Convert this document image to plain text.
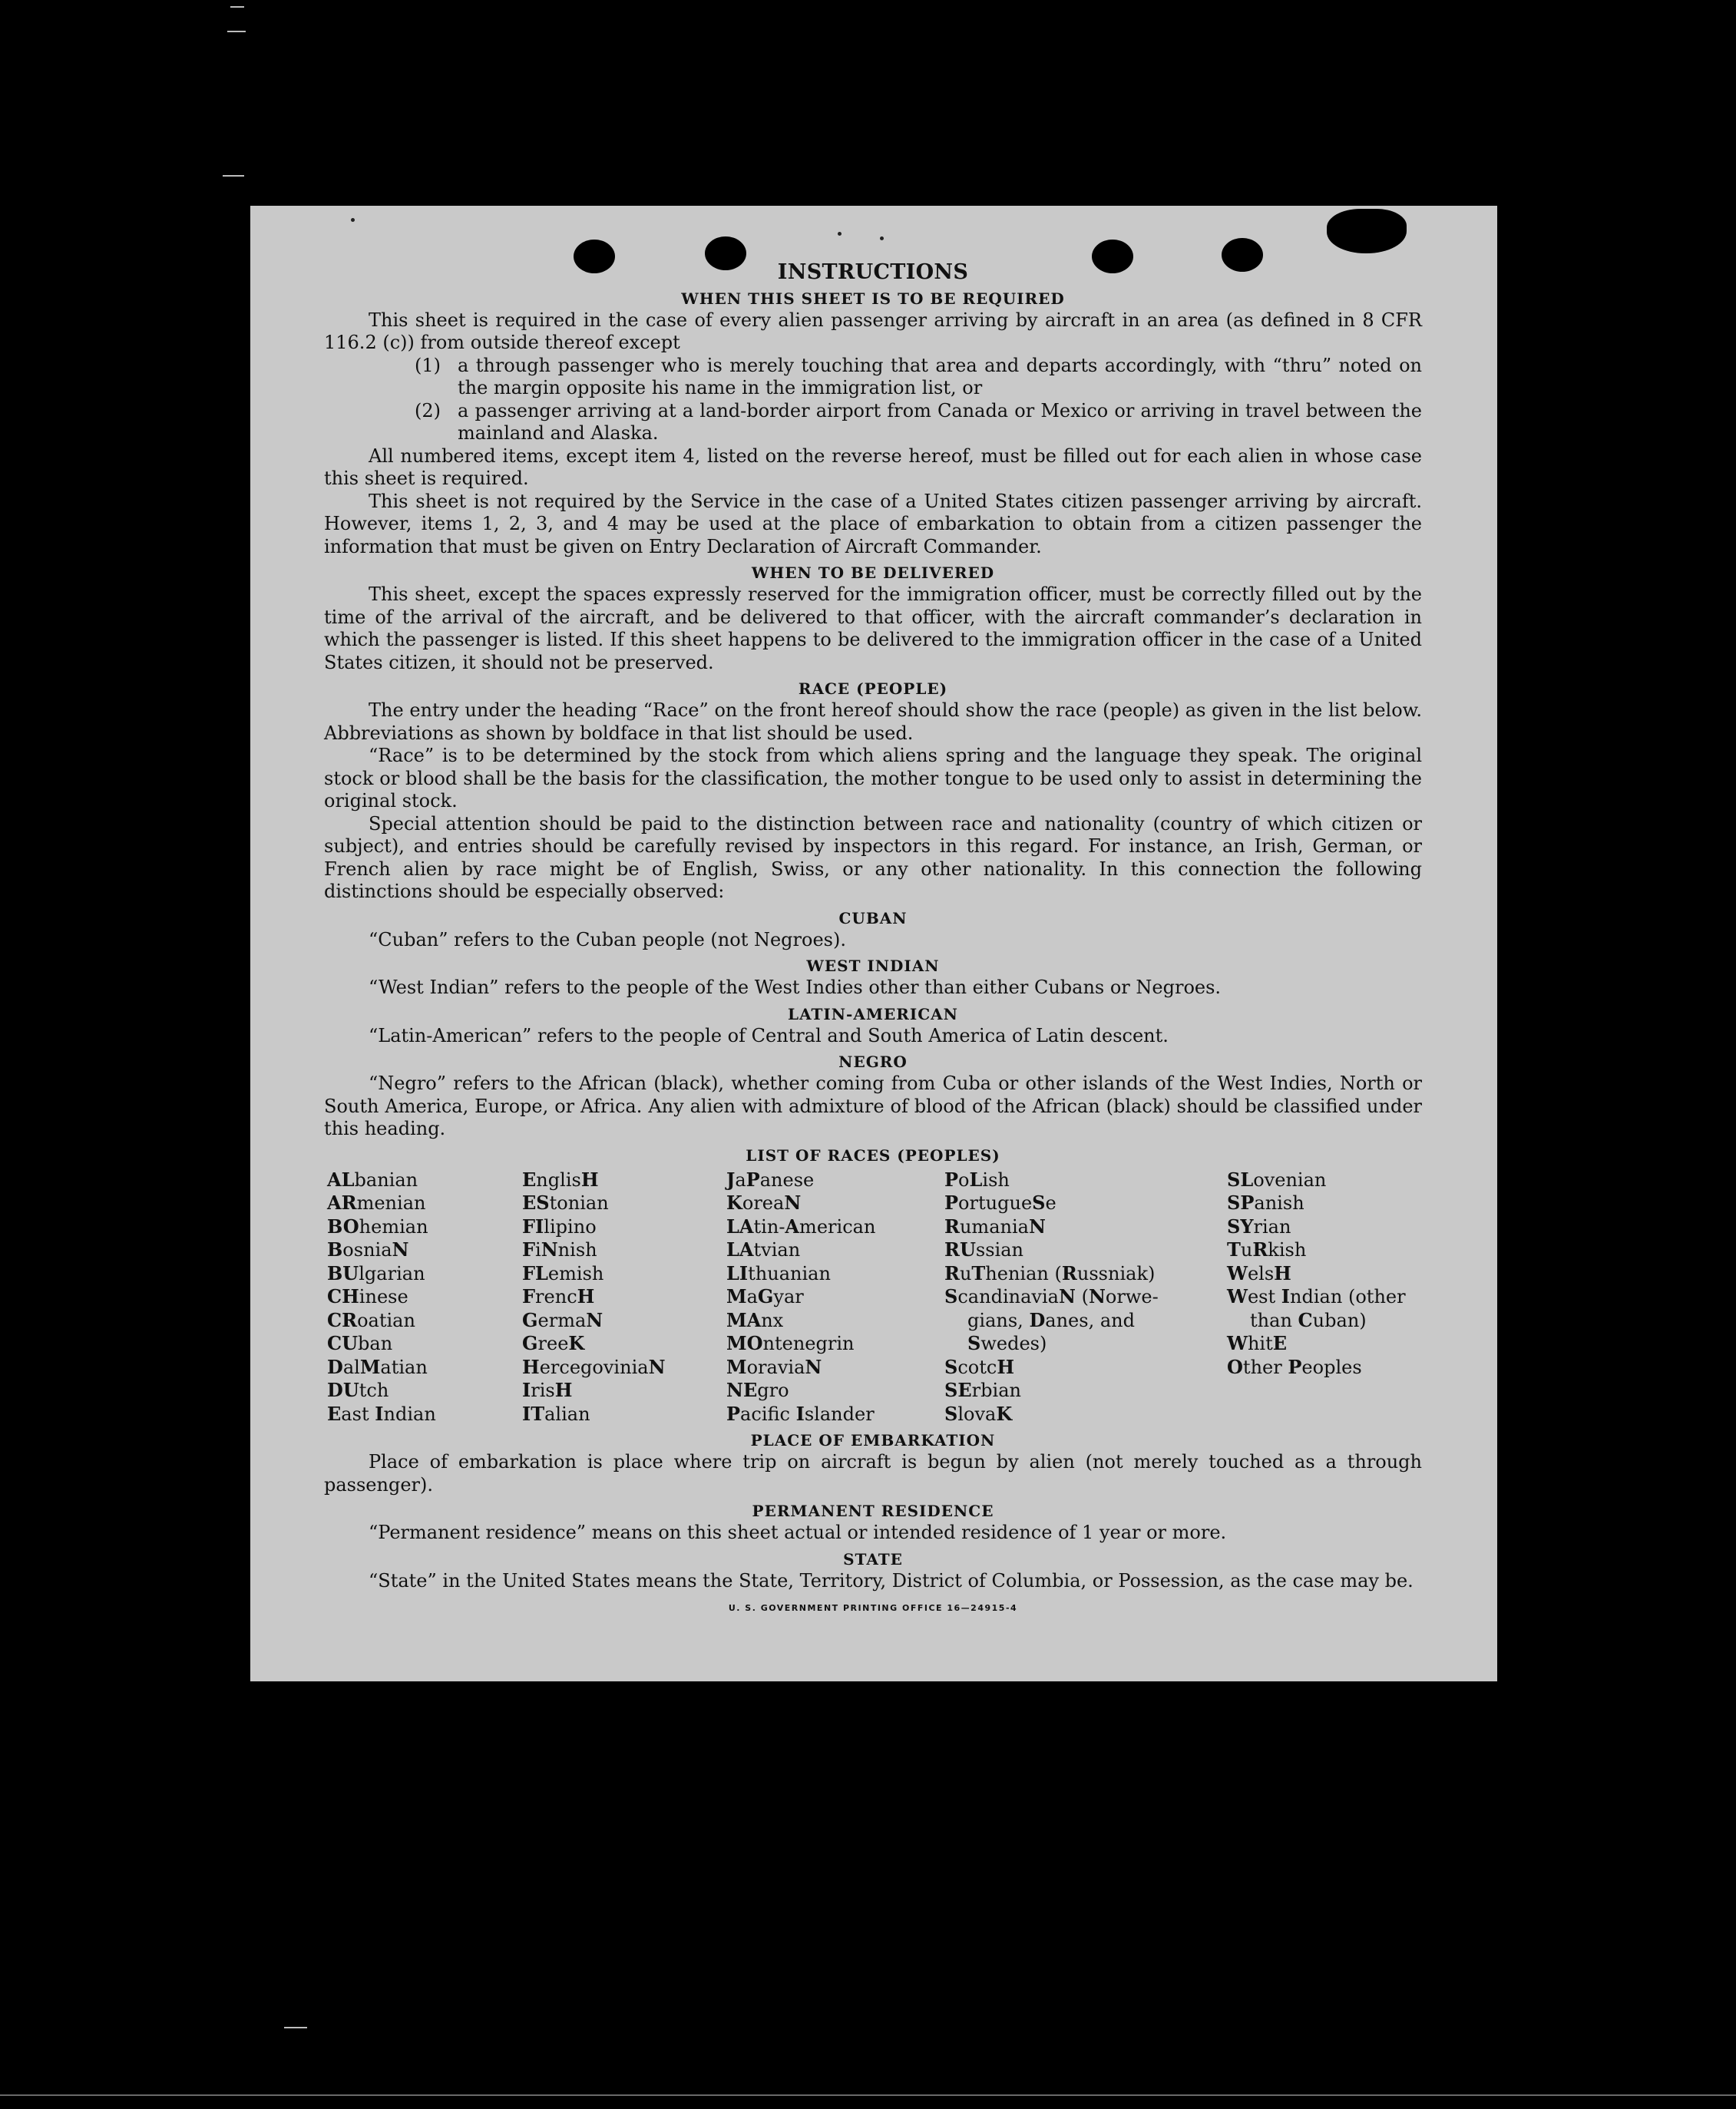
INSTRUCTIONS
WHEN THIS SHEET IS TO BE REQUIRED

This sheet is required in the case of every alien passenger arriving by aircraft in an area (as defined in 8 CFR 116.2 (c)) from outside thereof except

(1) a through passenger who is merely touching that area and departs accordingly, with “thru” noted on the margin opposite his name in the immigration list, or
(2) a passenger arriving at a land-border airport from Canada or Mexico or arriving in travel between the mainland and Alaska.

All numbered items, except item 4, listed on the reverse hereof, must be filled out for each alien in whose case this sheet is required.

This sheet is not required by the Service in the case of a United States citizen passenger arriving by aircraft. However, items 1, 2, 3, and 4 may be used at the place of embarkation to obtain from a citizen passenger the information that must be given on Entry Declaration of Aircraft Commander.

WHEN TO BE DELIVERED

This sheet, except the spaces expressly reserved for the immigration officer, must be correctly filled out by the time of the arrival of the aircraft, and be delivered to that officer, with the aircraft commander’s declaration in which the passenger is listed. If this sheet happens to be delivered to the immigration officer in the case of a United States citizen, it should not be preserved.

RACE (PEOPLE)

The entry under the heading “Race” on the front hereof should show the race (people) as given in the list below. Abbreviations as shown by boldface in that list should be used.

“Race” is to be determined by the stock from which aliens spring and the language they speak. The original stock or blood shall be the basis for the classification, the mother tongue to be used only to assist in determining the original stock.

Special attention should be paid to the distinction between race and nationality (country of which citizen or subject), and entries should be carefully revised by inspectors in this regard. For instance, an Irish, German, or French alien by race might be of English, Swiss, or any other nationality. In this connection the following distinctions should be especially observed:

CUBAN

“Cuban” refers to the Cuban people (not Negroes).

WEST INDIAN

“West Indian” refers to the people of the West Indies other than either Cubans or Negroes.

LATIN-AMERICAN

“Latin-American” refers to the people of Central and South America of Latin descent.

NEGRO

“Negro” refers to the African (black), whether coming from Cuba or other islands of the West Indies, North or South America, Europe, or Africa. Any alien with admixture of blood of the African (black) should be classified under this heading.

LIST OF RACES (PEOPLES)
ALbanian
ARmenian
BOhemian
BosniaN
BUlgarian
CHinese
CRoatian
CUban
DalMatian
DUtch
East Indian
EnglisH
EStonian
FIlipino
FiNnish
FLemish
FrencH
GermaN
GreeK
HercegoviniaN
IrisH
ITalian
JaPanese
KoreaN
LAtin-American
LAtvian
LIthuanian
MaGyar
MAnx
MOntenegrin
MoraviaN
NEgro
Pacifc Islander
PoLish
PortugueSe
RumaniaN
RUssian
RuThenian (Russniak)
ScandinaviaN (Norwe-
gians, Danes, and
Swedes)
ScotcH
SErbian
SlovaK
SLovenian
SPanish
SYrian
TuRkish
WelsH
West Indian (other
than Cuban)
WhitE
Other Peoples
PLACE OF EMBARKATION

Place of embarkation is place where trip on aircraft is begun by alien (not merely touched as a through passenger).

PERMANENT RESIDENCE

“Permanent residence” means on this sheet actual or intended residence of 1 year or more.

STATE

“State” in the United States means the State, Territory, District of Columbia, or Possession, as the case may be.

U. S. GOVERNMENT PRINTING OFFICE 16—24915-4
